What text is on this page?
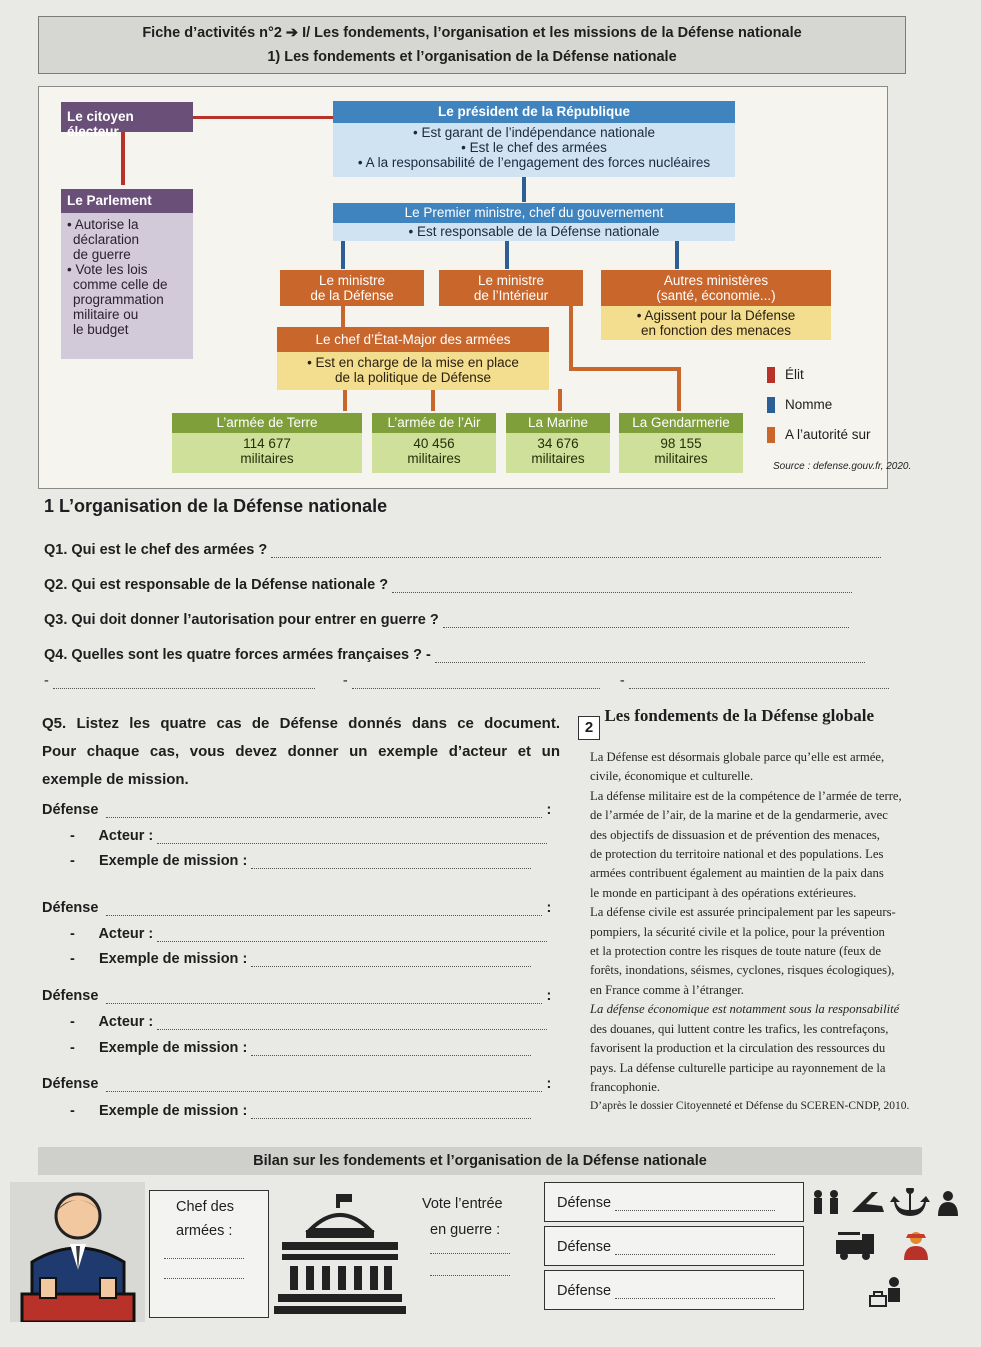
Fiche d’activités n°2 ➔ I/ Les fondements, l’organisation et les missions de la Défense nationale
1) Les fondements et l’organisation de la Défense nationale
Le citoyen électeur
Le président de la République
• Est garant de l’indépendance nationale
• Est le chef des armées
• A la responsabilité de l’engagement des forces nucléaires
Le Parlement
• Autorise la
déclaration
de guerre
• Vote les lois
comme celle de
programmation
militaire ou
le budget
Le Premier ministre, chef du gouvernement
• Est responsable de la Défense nationale
Le ministre
de la Défense
Le ministre
de l’Intérieur
Autres ministères
(santé, économie...)
• Agissent pour la Défense
en fonction des menaces
Le chef d’État-Major des armées
• Est en charge de la mise en place
de la politique de Défense
L’armée de Terre
114 677
militaires
L’armée de l’Air
40 456
militaires
La Marine
34 676
militaires
La Gendarmerie
98 155
militaires
Élit
Nomme
A l’autorité sur
Source : defense.gouv.fr, 2020.
1 L’organisation de la Défense nationale
Q1. Qui est le chef des armées ?
Q2. Qui est responsable de la Défense nationale ?
Q3. Qui doit donner l’autorisation pour entrer en guerre ?
Q4. Quelles sont les quatre forces armées françaises ? -
-	-	-
Q5. Listez les quatre cas de Défense donnés dans ce document.
Pour chaque cas, vous devez donner un exemple d’acteur et un
exemple de mission.
Défense	:
-      Acteur :
-      Exemple de mission :
Défense	:
-      Acteur :
-      Exemple de mission :
Défense	:
-      Acteur :
-      Exemple de mission :
Défense	:
-      Exemple de mission :
2 Les fondements de la Défense globale

La Défense est désormais globale parce qu’elle est armée,

civile, économique et culturelle.

La défense militaire est de la compétence de l’armée de terre,

de l’armée de l’air, de la marine et de la gendarmerie, avec

des objectifs de dissuasion et de prévention des menaces,

de protection du territoire national et des populations. Les

armées contribuent également au maintien de la paix dans

le monde en participant à des opérations extérieures.

La défense civile est assurée principalement par les sapeurs-

pompiers, la sécurité civile et la police, pour la prévention

et la protection contre les risques de toute nature (feux de

forêts, inondations, séismes, cyclones, risques écologiques),

en France comme à l’étranger.

La défense économique est notamment sous la responsabilité

des douanes, qui luttent contre les trafics, les contrefaçons,

favorisent la production et la circulation des ressources du

pays. La défense culturelle participe au rayonnement de la

francophonie.

D’après le dossier Citoyenneté et Défense du SCEREN-CNDP, 2010.

Bilan sur les fondements et l’organisation de la Défense nationale
Chef des
armées :

Vote l’entrée
en guerre :

Défense
Défense
Défense
